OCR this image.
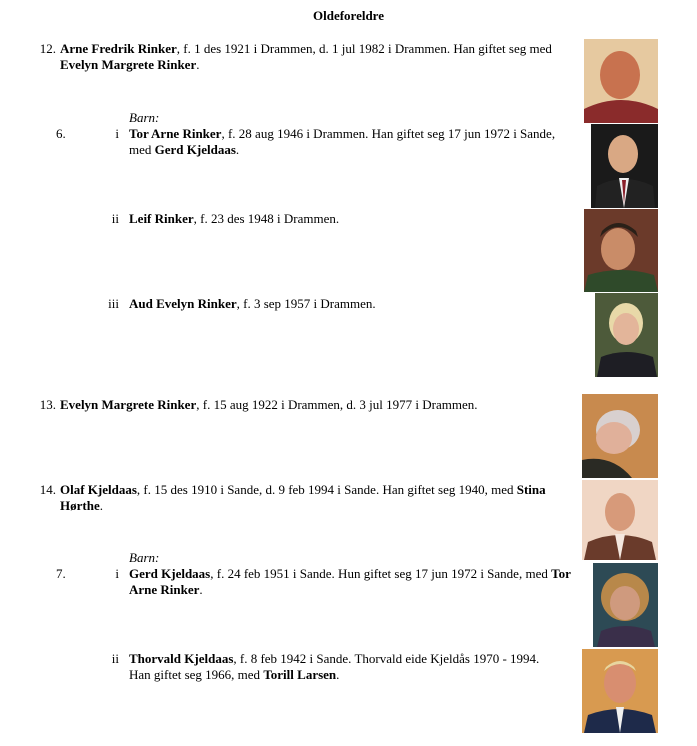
Oldeforeldre
12. Arne Fredrik Rinker, f. 1 des 1921 i Drammen, d. 1 jul 1982 i Drammen. Han giftet seg med
Evelyn Margrete Rinker.
Barn:
6.	i Tor Arne Rinker, f. 28 aug 1946 i Drammen. Han giftet seg 17 jun 1972 i Sande,
med Gerd Kjeldaas.
ii Leif Rinker, f. 23 des 1948 i Drammen.
iii Aud Evelyn Rinker, f. 3 sep 1957 i Drammen.
13. Evelyn Margrete Rinker, f. 15 aug 1922 i Drammen, d. 3 jul 1977 i Drammen.
14. Olaf Kjeldaas, f. 15 des 1910 i Sande, d. 9 feb 1994 i Sande. Han giftet seg 1940, med Stina
Hørthe.
Barn:
7.	i Gerd Kjeldaas, f. 24 feb 1951 i Sande. Hun giftet seg 17 jun 1972 i Sande, med Tor
Arne Rinker.
ii Thorvald Kjeldaas, f. 8 feb 1942 i Sande. Thorvald eide Kjeldås 1970 - 1994.
Han giftet seg 1966, med Torill Larsen.
